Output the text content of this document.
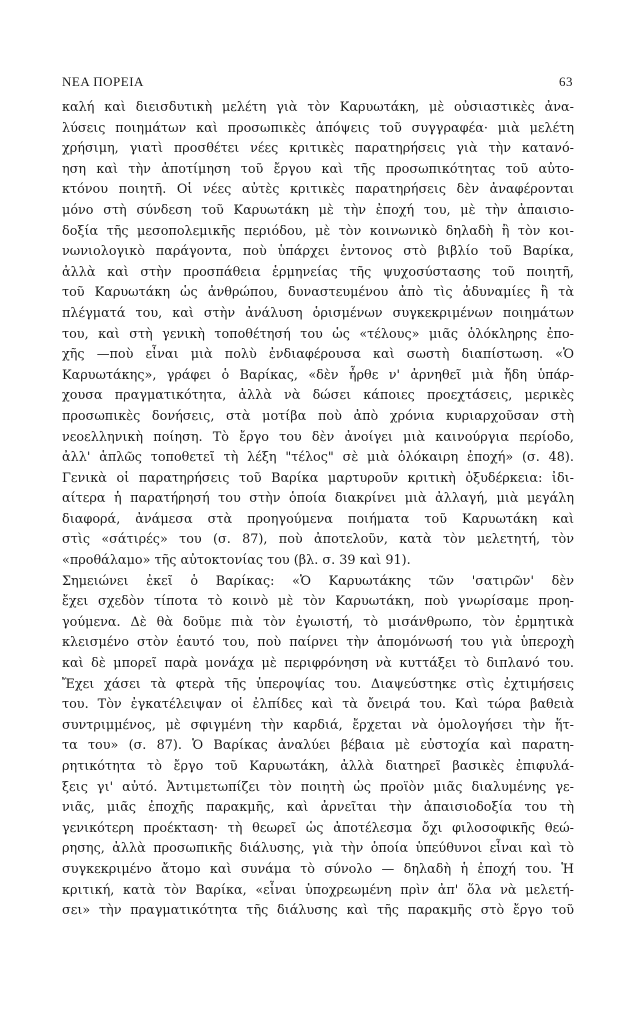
ΝΕΑ ΠΟΡΕΙΑ	63
καλή καὶ διεισδυτικὴ μελέτη γιὰ τὸν Καρυωτάκη, μὲ οὐσιαστικὲς ἀνα-
λύσεις ποιημάτων καὶ προσωπικὲς ἀπόψεις τοῦ συγγραφέα· μιὰ μελέτη
χρήσιμη, γιατὶ προσθέτει νέες κριτικὲς παρατηρήσεις γιὰ τὴν κατανό-
ηση καὶ τὴν ἀποτίμηση τοῦ ἔργου καὶ τῆς προσωπικότητας τοῦ αὐτο-
κτόνου ποιητῆ. Οἱ νέες αὐτὲς κριτικὲς παρατηρήσεις δὲν ἀναφέρονται
μόνο στὴ σύνδεση τοῦ Καρυωτάκη μὲ τὴν ἐποχή του, μὲ τὴν ἀπαισιο-
δοξία τῆς μεσοπολεμικῆς περιόδου, μὲ τὸν κοινωνικὸ δηλαδὴ ἢ τὸν κοι-
νωνιολογικὸ παράγοντα, ποὺ ὑπάρχει ἐντονος στὸ βιβλίο τοῦ Βαρίκα,
ἀλλὰ καὶ στὴν προσπάθεια ἑρμηνείας τῆς ψυχοσύστασης τοῦ ποιητῆ,
τοῦ Καρυωτάκη ὡς ἀνθρώπου, δυναστευμένου ἀπὸ τὶς ἀδυναμίες ἢ τὰ
πλέγματά του, καὶ στὴν ἀνάλυση ὁρισμένων συγκεκριμένων ποιημάτων
του, καὶ στὴ γενικὴ τοποθέτησή του ὡς «τέλους» μιᾶς ὁλόκληρης ἐπο-
χῆς —ποὺ εἶναι μιὰ πολὺ ἐνδιαφέρουσα καὶ σωστὴ διαπίστωση. «Ὁ
Καρυωτάκης», γράφει ὁ Βαρίκας, «δὲν ἦρθε ν' ἀρνηθεῖ μιὰ ἤδη ὑπάρ-
χουσα πραγματικότητα, ἀλλὰ νὰ δώσει κάποιες προεχτάσεις, μερικὲς
προσωπικὲς δονήσεις, στὰ μοτίβα ποὺ ἀπὸ χρόνια κυριαρχοῦσαν στὴ
νεοελληνικὴ ποίηση. Τὸ ἔργο του δὲν ἀνοίγει μιὰ καινούργια περίοδο,
ἀλλ' ἁπλῶς τοποθετεῖ τὴ λέξη "τέλος" σὲ μιὰ ὁλόκαιρη ἐποχή» (σ. 48).
Γενικὰ οἱ παρατηρήσεις τοῦ Βαρίκα μαρτυροῦν κριτικὴ ὀξυδέρκεια: ἰδι-
αίτερα ἡ παρατήρησή του στὴν ὁποία διακρίνει μιὰ ἀλλαγή, μιὰ μεγάλη
διαφορά, ἀνάμεσα στὰ προηγούμενα ποιήματα τοῦ Καρυωτάκη καὶ
στὶς «σάτιρές» του (σ. 87), ποὺ ἀποτελοῦν, κατὰ τὸν μελετητή, τὸν
«προθάλαμο» τῆς αὐτοκτονίας του (βλ. σ. 39 καὶ 91).
Σημειώνει ἐκεῖ ὁ Βαρίκας: «Ὁ Καρυωτάκης τῶν 'σατιρῶν' δὲν
ἔχει σχεδὸν τίποτα τὸ κοινὸ μὲ τὸν Καρυωτάκη, ποὺ γνωρίσαμε προη-
γούμενα. Δὲ θὰ δοῦμε πιὰ τὸν ἐγωιστή, τὸ μισάνθρωπο, τὸν ἐρμητικὰ
κλεισμένο στὸν ἑαυτό του, ποὺ παίρνει τὴν ἀπομόνωσή του γιὰ ὑπεροχὴ
καὶ δὲ μπορεῖ παρὰ μονάχα μὲ περιφρόνηση νὰ κυττάξει τὸ διπλανό του.
Ἔχει χάσει τὰ φτερὰ τῆς ὑπεροψίας του. Διαψεύστηκε στὶς ἐχτιμήσεις
του. Τὸν ἐγκατέλειψαν οἱ ἐλπίδες καὶ τὰ ὄνειρά του. Καὶ τώρα βαθειὰ
συντριμμένος, μὲ σφιγμένη τὴν καρδιά, ἔρχεται νὰ ὁμολογήσει τὴν ἥτ-
τα του» (σ. 87). Ὁ Βαρίκας ἀναλύει βέβαια μὲ εὐστοχία καὶ παρατη-
ρητικότητα τὸ ἔργο τοῦ Καρυωτάκη, ἀλλὰ διατηρεῖ βασικὲς ἐπιφυλά-
ξεις γι' αὐτό. Ἀντιμετωπίζει τὸν ποιητὴ ὡς προϊὸν μιᾶς διαλυμένης γε-
νιᾶς, μιᾶς ἐποχῆς παρακμῆς, καὶ ἀρνεῖται τὴν ἀπαισιοδοξία του τὴ
γενικότερη προέκταση· τὴ θεωρεῖ ὡς ἀποτέλεσμα ὄχι φιλοσοφικῆς θεώ-
ρησης, ἀλλὰ προσωπικῆς διάλυσης, γιὰ τὴν ὁποία ὑπεύθυνοι εἶναι καὶ τὸ
συγκεκριμένο ἄτομο καὶ συνάμα τὸ σύνολο — δηλαδὴ ἡ ἐποχή του. Ἡ
κριτική, κατὰ τὸν Βαρίκα, «εἶναι ὑποχρεωμένη πρὶν ἀπ' ὅλα νὰ μελετή-
σει» τὴν πραγματικότητα τῆς διάλυσης καὶ τῆς παρακμῆς στὸ ἔργο τοῦ
